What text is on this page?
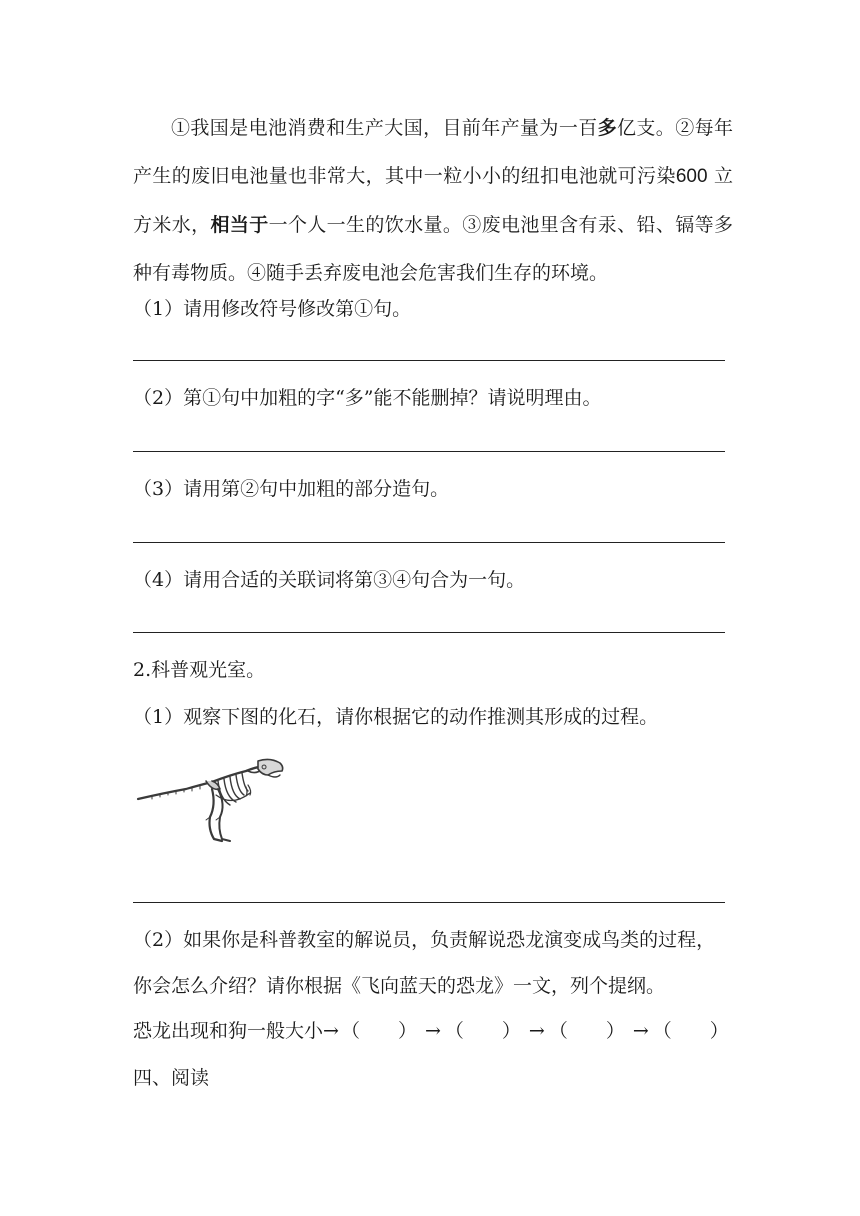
①我国是电池消费和生产大国，目前年产量为一百多亿支。②每年产生的废旧电池量也非常大，其中一粒小小的纽扣电池就可污染600 立方米水，相当于一个人一生的饮水量。③废电池里含有汞、铅、镉等多种有毒物质。④随手丢弃废电池会危害我们生存的环境。

（1）请用修改符号修改第①句。

（2）第①句中加粗的字“多”能不能删掉？请说明理由。

（3）请用第②句中加粗的部分造句。

（4）请用合适的关联词将第③④句合为一句。

2.科普观光室。

（1）观察下图的化石，请你根据它的动作推测其形成的过程。

（2）如果你是科普教室的解说员，负责解说恐龙演变成鸟类的过程，

你会怎么介绍？请你根据《飞向蓝天的恐龙》一文，列个提纲。

恐龙出现和狗一般大小→ （　　） → （　　） → （　　） → （　　）

四、阅读
